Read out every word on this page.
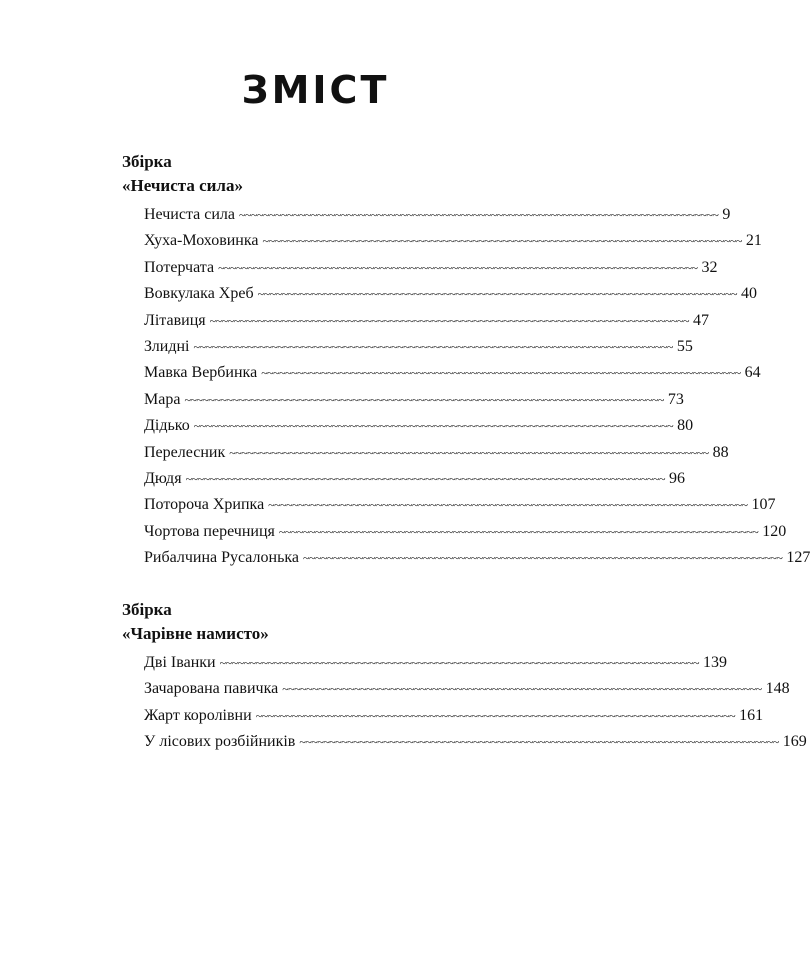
ЗМІСТ
Збірка
«Нечиста сила»
Нечиста сила ~~~~~~~~~~~~~~~~~~~~~~~~~~~~~~~~~~~~~~~~~~~~~~~~~~~~~~~~~~~~~~~~~~~~~~~~~~~~~~~~ 9
Хуха-Моховинка ~~~~~~~~~~~~~~~~~~~~~~~~~~~~~~~~~~~~~~~~~~~~~~~~~~~~~~~~~~~~~~~~~~~~~~~~~~~~~~~~ 21
Потерчата ~~~~~~~~~~~~~~~~~~~~~~~~~~~~~~~~~~~~~~~~~~~~~~~~~~~~~~~~~~~~~~~~~~~~~~~~~~~~~~~~ 32
Вовкулака Хреб ~~~~~~~~~~~~~~~~~~~~~~~~~~~~~~~~~~~~~~~~~~~~~~~~~~~~~~~~~~~~~~~~~~~~~~~~~~~~~~~~ 40
Літавиця ~~~~~~~~~~~~~~~~~~~~~~~~~~~~~~~~~~~~~~~~~~~~~~~~~~~~~~~~~~~~~~~~~~~~~~~~~~~~~~~~ 47
Злидні ~~~~~~~~~~~~~~~~~~~~~~~~~~~~~~~~~~~~~~~~~~~~~~~~~~~~~~~~~~~~~~~~~~~~~~~~~~~~~~~~ 55
Мавка Вербинка ~~~~~~~~~~~~~~~~~~~~~~~~~~~~~~~~~~~~~~~~~~~~~~~~~~~~~~~~~~~~~~~~~~~~~~~~~~~~~~~~ 64
Мара ~~~~~~~~~~~~~~~~~~~~~~~~~~~~~~~~~~~~~~~~~~~~~~~~~~~~~~~~~~~~~~~~~~~~~~~~~~~~~~~~ 73
Дідько ~~~~~~~~~~~~~~~~~~~~~~~~~~~~~~~~~~~~~~~~~~~~~~~~~~~~~~~~~~~~~~~~~~~~~~~~~~~~~~~~ 80
Перелесник ~~~~~~~~~~~~~~~~~~~~~~~~~~~~~~~~~~~~~~~~~~~~~~~~~~~~~~~~~~~~~~~~~~~~~~~~~~~~~~~~ 88
Дюдя ~~~~~~~~~~~~~~~~~~~~~~~~~~~~~~~~~~~~~~~~~~~~~~~~~~~~~~~~~~~~~~~~~~~~~~~~~~~~~~~~ 96
Потороча Хрипка ~~~~~~~~~~~~~~~~~~~~~~~~~~~~~~~~~~~~~~~~~~~~~~~~~~~~~~~~~~~~~~~~~~~~~~~~~~~~~~~~ 107
Чортова перечниця ~~~~~~~~~~~~~~~~~~~~~~~~~~~~~~~~~~~~~~~~~~~~~~~~~~~~~~~~~~~~~~~~~~~~~~~~~~~~~~~~ 120
Рибалчина Русалонька ~~~~~~~~~~~~~~~~~~~~~~~~~~~~~~~~~~~~~~~~~~~~~~~~~~~~~~~~~~~~~~~~~~~~~~~~~~~~~~~~ 127
Збірка
«Чарівне намисто»
Дві Іванки ~~~~~~~~~~~~~~~~~~~~~~~~~~~~~~~~~~~~~~~~~~~~~~~~~~~~~~~~~~~~~~~~~~~~~~~~~~~~~~~~ 139
Зачарована павичка ~~~~~~~~~~~~~~~~~~~~~~~~~~~~~~~~~~~~~~~~~~~~~~~~~~~~~~~~~~~~~~~~~~~~~~~~~~~~~~~~ 148
Жарт королівни ~~~~~~~~~~~~~~~~~~~~~~~~~~~~~~~~~~~~~~~~~~~~~~~~~~~~~~~~~~~~~~~~~~~~~~~~~~~~~~~~ 161
У лісових розбійників ~~~~~~~~~~~~~~~~~~~~~~~~~~~~~~~~~~~~~~~~~~~~~~~~~~~~~~~~~~~~~~~~~~~~~~~~~~~~~~~~ 169
